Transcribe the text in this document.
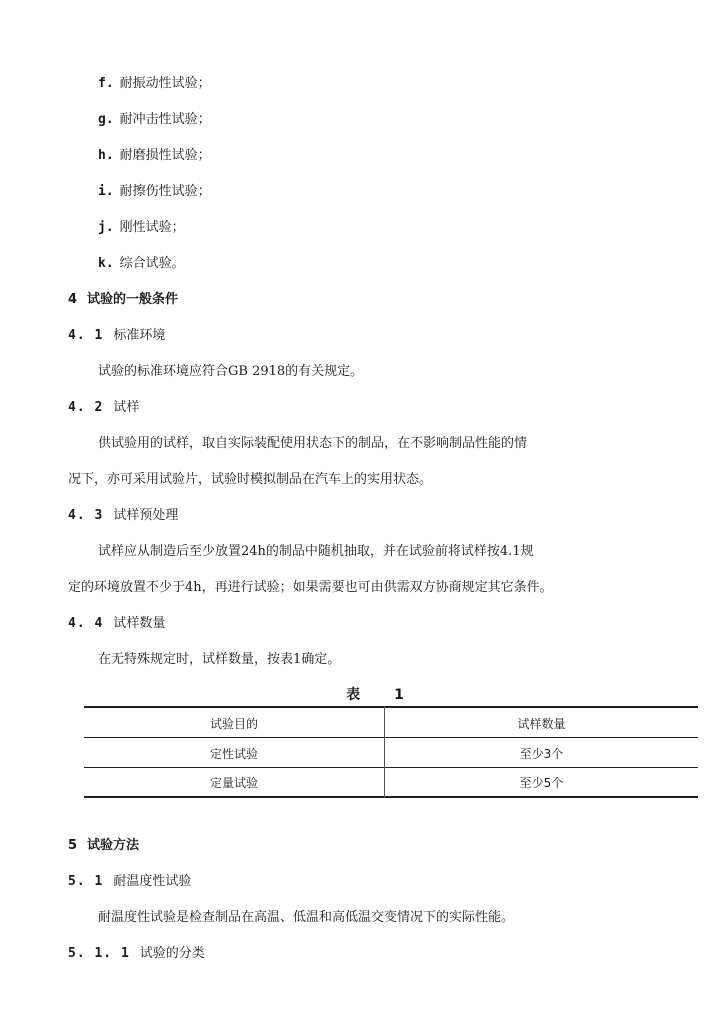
f. 耐振动性试验；
g. 耐冲击性试验；
h. 耐磨损性试验；
i. 耐擦伤性试验；
j. 刚性试验；
k. 综合试验。
4 试验的一般条件
4. 1 标准环境
试验的标准环境应符合GB 2918的有关规定。
4. 2 试样
供试验用的试样，取自实际装配使用状态下的制品，在不影响制品性能的情
况下，亦可采用试验片，试验时模拟制品在汽车上的实用状态。
4. 3 试样预处理
试样应从制造后至少放置24h的制品中随机抽取，并在试验前将试样按4.1规
定的环境放置不少于4h，再进行试验；如果需要也可由供需双方协商规定其它条件。
4. 4 试样数量
在无特殊规定时，试样数量，按表1确定。
表 1
试验目的	试样数量
定性试验	至少3个
定量试验	至少5个
5 试验方法
5. 1 耐温度性试验
耐温度性试验是检查制品在高温、低温和高低温交变情况下的实际性能。
5. 1. 1 试验的分类
